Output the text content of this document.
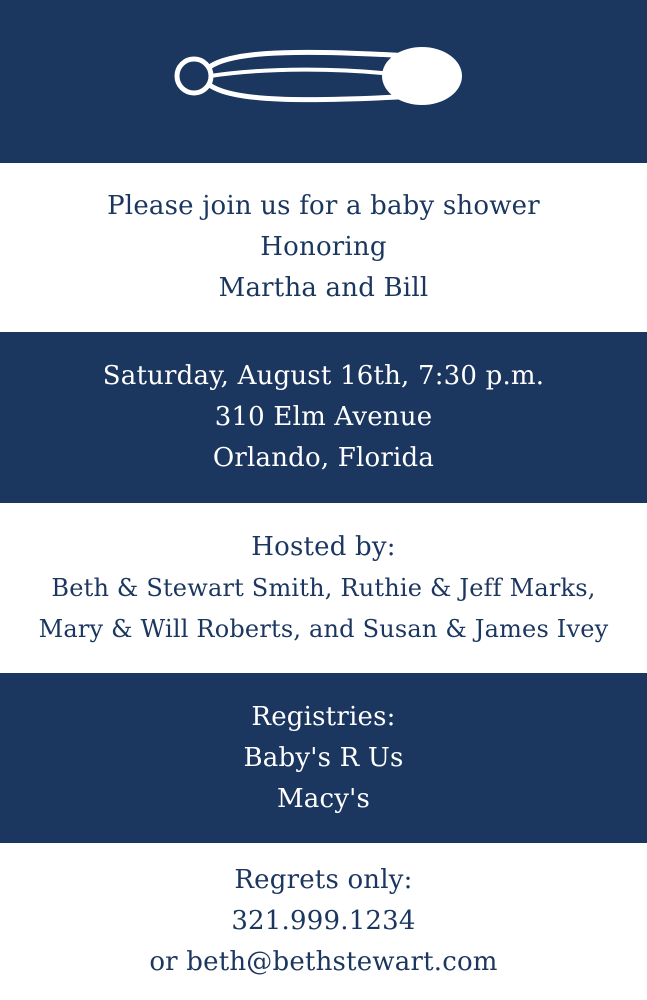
Please join us for a baby shower
Honoring
Martha and Bill
Saturday, August 16th, 7:30 p.m.
310 Elm Avenue
Orlando, Florida
Hosted by:
Beth & Stewart Smith, Ruthie & Jeff Marks,
Mary & Will Roberts, and Susan & James Ivey
Registries:
Baby's R Us
Macy's
Regrets only:
321.999.1234
or beth@bethstewart.com
